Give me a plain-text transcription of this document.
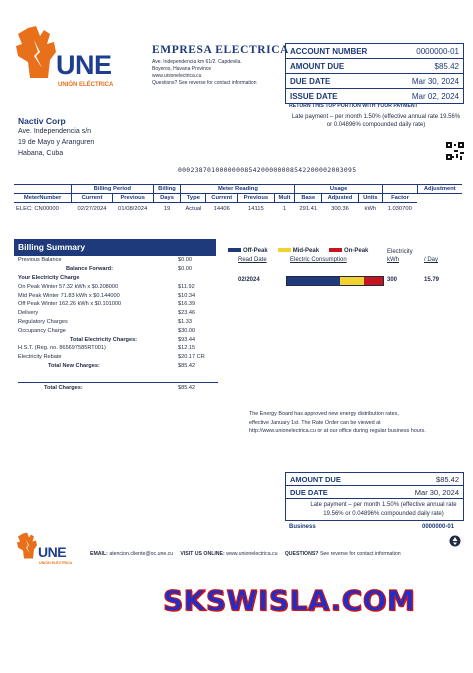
UNE
UNIÓN ELÉCTRICA
EMPRESA ELECTRICA
Ave. Independencia km 61/2. Capdevila.
Boyeros, Havana Province
www.unionelectrica.cu
Questions? See reverse for contact information
ACCOUNT NUMBER	0000000-01
AMOUNT DUE	$85.42
DUE DATE	Mar 30, 2024
ISSUE DATE	Mar 02, 2024
RETURN THIS TOP PORTION WITH YOUR PAYMENT
Late payment – per month 1.50% (effective annual rate 19.56% or 0.04896% compounded daily rate)
Nactiv Corp
Ave. Independencia s/n
19 de Mayo y Aranguren
Habana, Cuba
0002387010000000854200000008542200002003095
	Billing Period		Billing	Meter Reading				Usage				Adjustment
MeterNumber	Current	Previous	Days	Type	Current	Previous	Mult	Base	Adjusted	Units	Factor	
ELEC: CN00000	02/27/2024	01/08/2024	19	Actual	14406	14115	1	291.41	300.36	kWh	1.030700	
Billing Summary
Previous Balance	$0.00
Balance Forward:	$0.00
Your Electricity Charge
On Peak Winter 57.32 kWh x $0.208000	$11.92
Mid Peak Winter 71.83 kWh x $0.144000	$10.34
Off Peak Winter 162.26 kWh x $0.101000	$16.39
Delivery	$23.46
Regulatory Charges	$1.33
Occupancy Charge	$30.00
Total Electricity Charges:	$93.44
H.S.T. (Reg. no. 865697585RT001)	$12.15
Electricity Rebate	$20.17 CR
Total New Charges:	$85.42
Total Charges:	$85.42
Off-Peak	Mid-Peak	On-Peak
Read Date	Electric Consumption
Electricity
kWh	/ Day
02/2024	300	15.79
The Energy Board has approved new energy distribution rates,
effective January 1st. The Rate Order can be viewed at
http://www.unionelectrica.cu or at our office during regular business hours.
AMOUNT DUE	$85.42
DUE DATE	Mar 30, 2024
Late payment – per month 1.50% (effective annual rate 19.56% or 0.04896% compounded daily rate)
Business	0000000-01
UNE
UNIÓN ELÉCTRICA
EMAIL: atencion.cliente@oc.une.cu VISIT US ONLINE: www.unionelectrica.cu QUESTIONS? See reverse for contact information
SKSWISLA.COM
